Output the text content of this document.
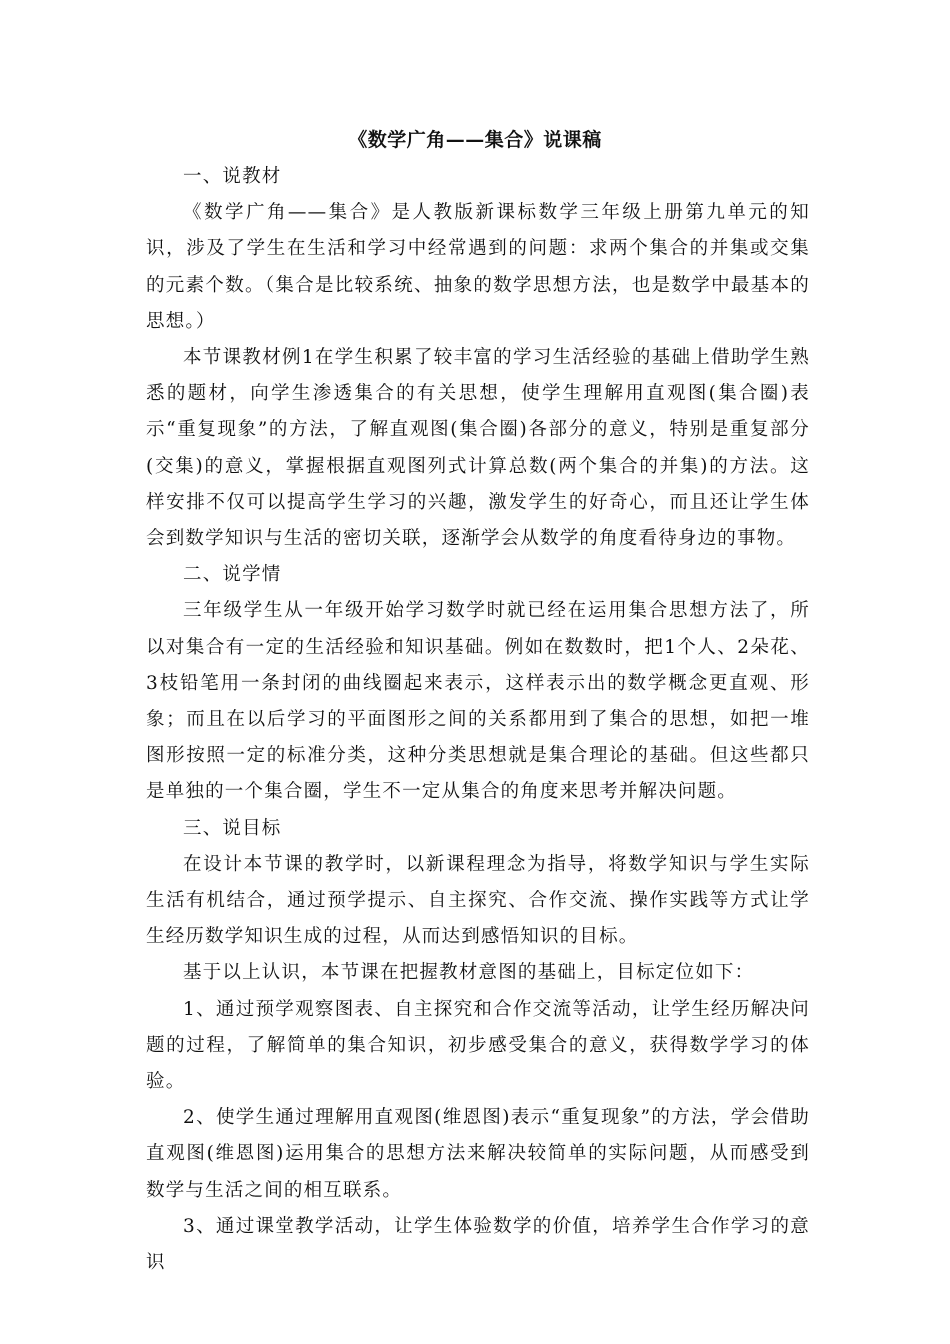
《数学广角——集合》说课稿

一、说教材

《数学广角——集合》是人教版新课标数学三年级上册第九单元的知识，涉及了学生在生活和学习中经常遇到的问题：求两个集合的并集或交集的元素个数。（集合是比较系统、抽象的数学思想方法，也是数学中最基本的思想。）

本节课教材例1在学生积累了较丰富的学习生活经验的基础上借助学生熟悉的题材，向学生渗透集合的有关思想，使学生理解用直观图(集合圈)表示“重复现象”的方法，了解直观图(集合圈)各部分的意义，特别是重复部分(交集)的意义，掌握根据直观图列式计算总数(两个集合的并集)的方法。这样安排不仅可以提高学生学习的兴趣，激发学生的好奇心，而且还让学生体会到数学知识与生活的密切关联，逐渐学会从数学的角度看待身边的事物。

二、说学情

三年级学生从一年级开始学习数学时就已经在运用集合思想方法了，所以对集合有一定的生活经验和知识基础。例如在数数时，把1个人、2朵花、3枝铅笔用一条封闭的曲线圈起来表示，这样表示出的数学概念更直观、形象；而且在以后学习的平面图形之间的关系都用到了集合的思想，如把一堆图形按照一定的标准分类，这种分类思想就是集合理论的基础。但这些都只是单独的一个集合圈，学生不一定从集合的角度来思考并解决问题。

三、说目标

在设计本节课的教学时，以新课程理念为指导，将数学知识与学生实际生活有机结合，通过预学提示、自主探究、合作交流、操作实践等方式让学生经历数学知识生成的过程，从而达到感悟知识的目标。

基于以上认识，本节课在把握教材意图的基础上，目标定位如下：

1、通过预学观察图表、自主探究和合作交流等活动，让学生经历解决问题的过程，了解简单的集合知识，初步感受集合的意义，获得数学学习的体验。

2、使学生通过理解用直观图(维恩图)表示“重复现象”的方法，学会借助直观图(维恩图)运用集合的思想方法来解决较简单的实际问题，从而感受到数学与生活之间的相互联系。

3、通过课堂教学活动，让学生体验数学的价值，培养学生合作学习的意识
